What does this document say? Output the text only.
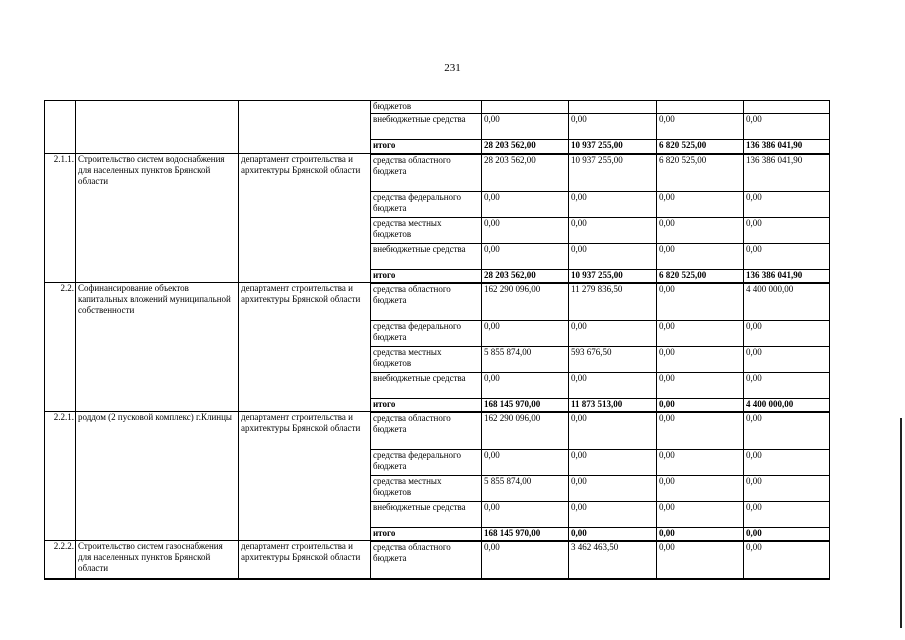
231
			бюджетов				
			внебюджетные средства	0,00	0,00	0,00	0,00
			итого	28 203 562,00	10 937 255,00	6 820 525,00	136 386 041,90
2.1.1.	Строительство систем водоснабжения для населенных пунктов Брянской области	департамент строительства и архитектуры Брянской области	средства областного бюджета	28 203 562,00	10 937 255,00	6 820 525,00	136 386 041,90
			средства федерального бюджета	0,00	0,00	0,00	0,00
			средства местных бюджетов	0,00	0,00	0,00	0,00
			внебюджетные средства	0,00	0,00	0,00	0,00
			итого	28 203 562,00	10 937 255,00	6 820 525,00	136 386 041,90
2.2.	Софинансирование объектов капитальных вложений муниципальной собственности	департамент строительства и архитектуры Брянской области	средства областного бюджета	162 290 096,00	11 279 836,50	0,00	4 400 000,00
			средства федерального бюджета	0,00	0,00	0,00	0,00
			средства местных бюджетов	5 855 874,00	593 676,50	0,00	0,00
			внебюджетные средства	0,00	0,00	0,00	0,00
			итого	168 145 970,00	11 873 513,00	0,00	4 400 000,00
2.2.1.	роддом (2 пусковой комплекс) г.Клинцы	департамент строительства и архитектуры Брянской области	средства областного бюджета	162 290 096,00	0,00	0,00	0,00
			средства федерального бюджета	0,00	0,00	0,00	0,00
			средства местных бюджетов	5 855 874,00	0,00	0,00	0,00
			внебюджетные средства	0,00	0,00	0,00	0,00
			итого	168 145 970,00	0,00	0,00	0,00
2.2.2.	Строительство систем газоснабжения для населенных пунктов Брянской области	департамент строительства и архитектуры Брянской области	средства областного бюджета	0,00	3 462 463,50	0,00	0,00
